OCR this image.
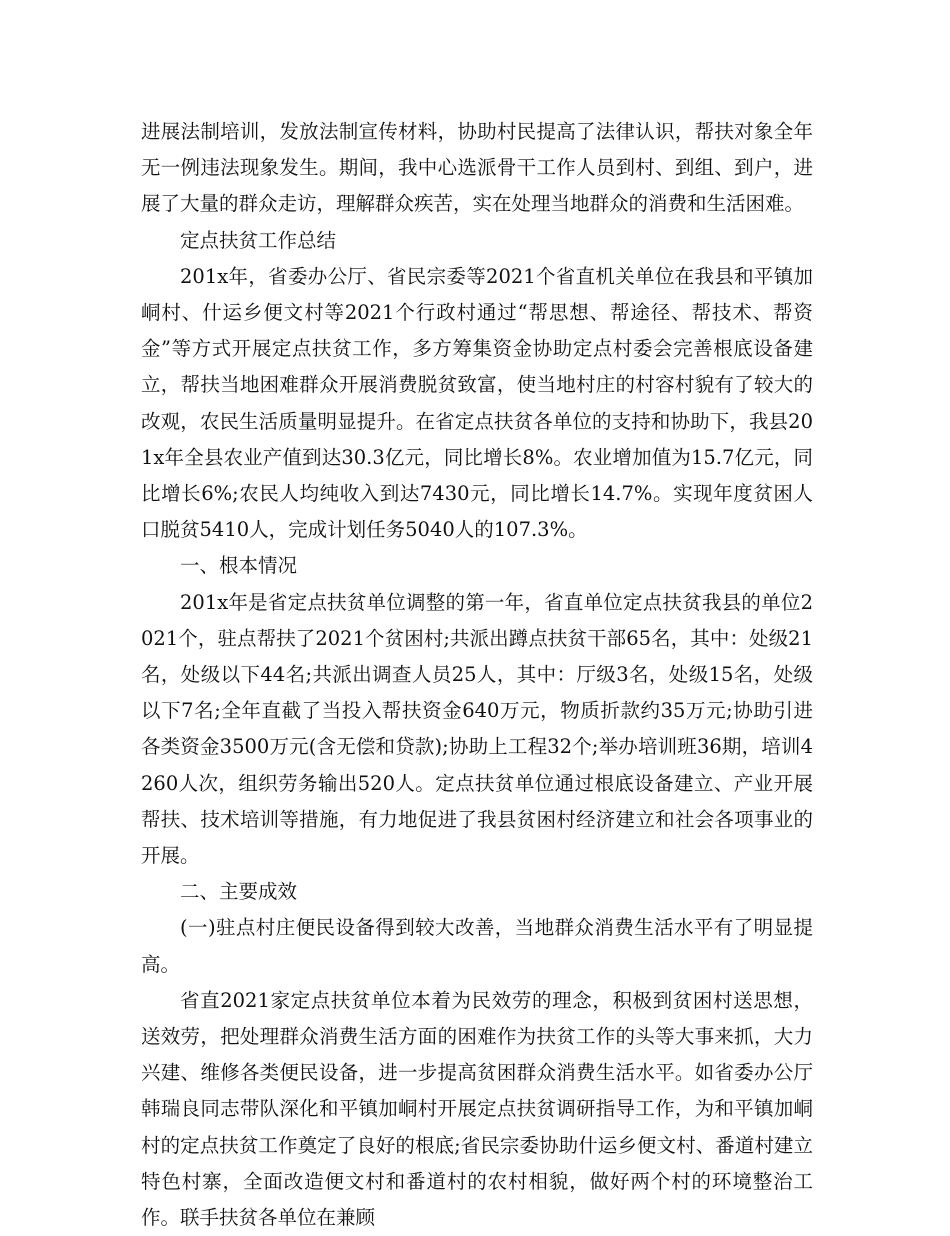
进展法制培训，发放法制宣传材料，协助村民提高了法律认识，帮扶对象全年无一例违法现象发生。期间，我中心选派骨干工作人员到村、到组、到户，进展了大量的群众走访，理解群众疾苦，实在处理当地群众的消费和生活困难。

定点扶贫工作总结

201x年，省委办公厅、省民宗委等2021个省直机关单位在我县和平镇加峒村、什运乡便文村等2021个行政村通过“帮思想、帮途径、帮技术、帮资金”等方式开展定点扶贫工作，多方筹集资金协助定点村委会完善根底设备建立，帮扶当地困难群众开展消费脱贫致富，使当地村庄的村容村貌有了较大的改观，农民生活质量明显提升。在省定点扶贫各单位的支持和协助下，我县201x年全县农业产值到达30.3亿元，同比增长8%。农业增加值为15.7亿元，同比增长6%;农民人均纯收入到达7430元，同比增长14.7%。实现年度贫困人口脱贫5410人，完成计划任务5040人的107.3%。

一、根本情况

201x年是省定点扶贫单位调整的第一年，省直单位定点扶贫我县的单位2021个，驻点帮扶了2021个贫困村;共派出蹲点扶贫干部65名，其中：处级21名，处级以下44名;共派出调查人员25人，其中：厅级3名，处级15名，处级以下7名;全年直截了当投入帮扶资金640万元，物质折款约35万元;协助引进各类资金3500万元(含无偿和贷款);协助上工程32个;举办培训班36期，培训4260人次，组织劳务输出520人。定点扶贫单位通过根底设备建立、产业开展帮扶、技术培训等措施，有力地促进了我县贫困村经济建立和社会各项事业的开展。

二、主要成效

(一)驻点村庄便民设备得到较大改善，当地群众消费生活水平有了明显提高。

省直2021家定点扶贫单位本着为民效劳的理念，积极到贫困村送思想，送效劳，把处理群众消费生活方面的困难作为扶贫工作的头等大事来抓，大力兴建、维修各类便民设备，进一步提高贫困群众消费生活水平。如省委办公厅韩瑞良同志带队深化和平镇加峒村开展定点扶贫调研指导工作，为和平镇加峒村的定点扶贫工作奠定了良好的根底;省民宗委协助什运乡便文村、番道村建立特色村寨，全面改造便文村和番道村的农村相貌，做好两个村的环境整治工作。联手扶贫各单位在兼顾
